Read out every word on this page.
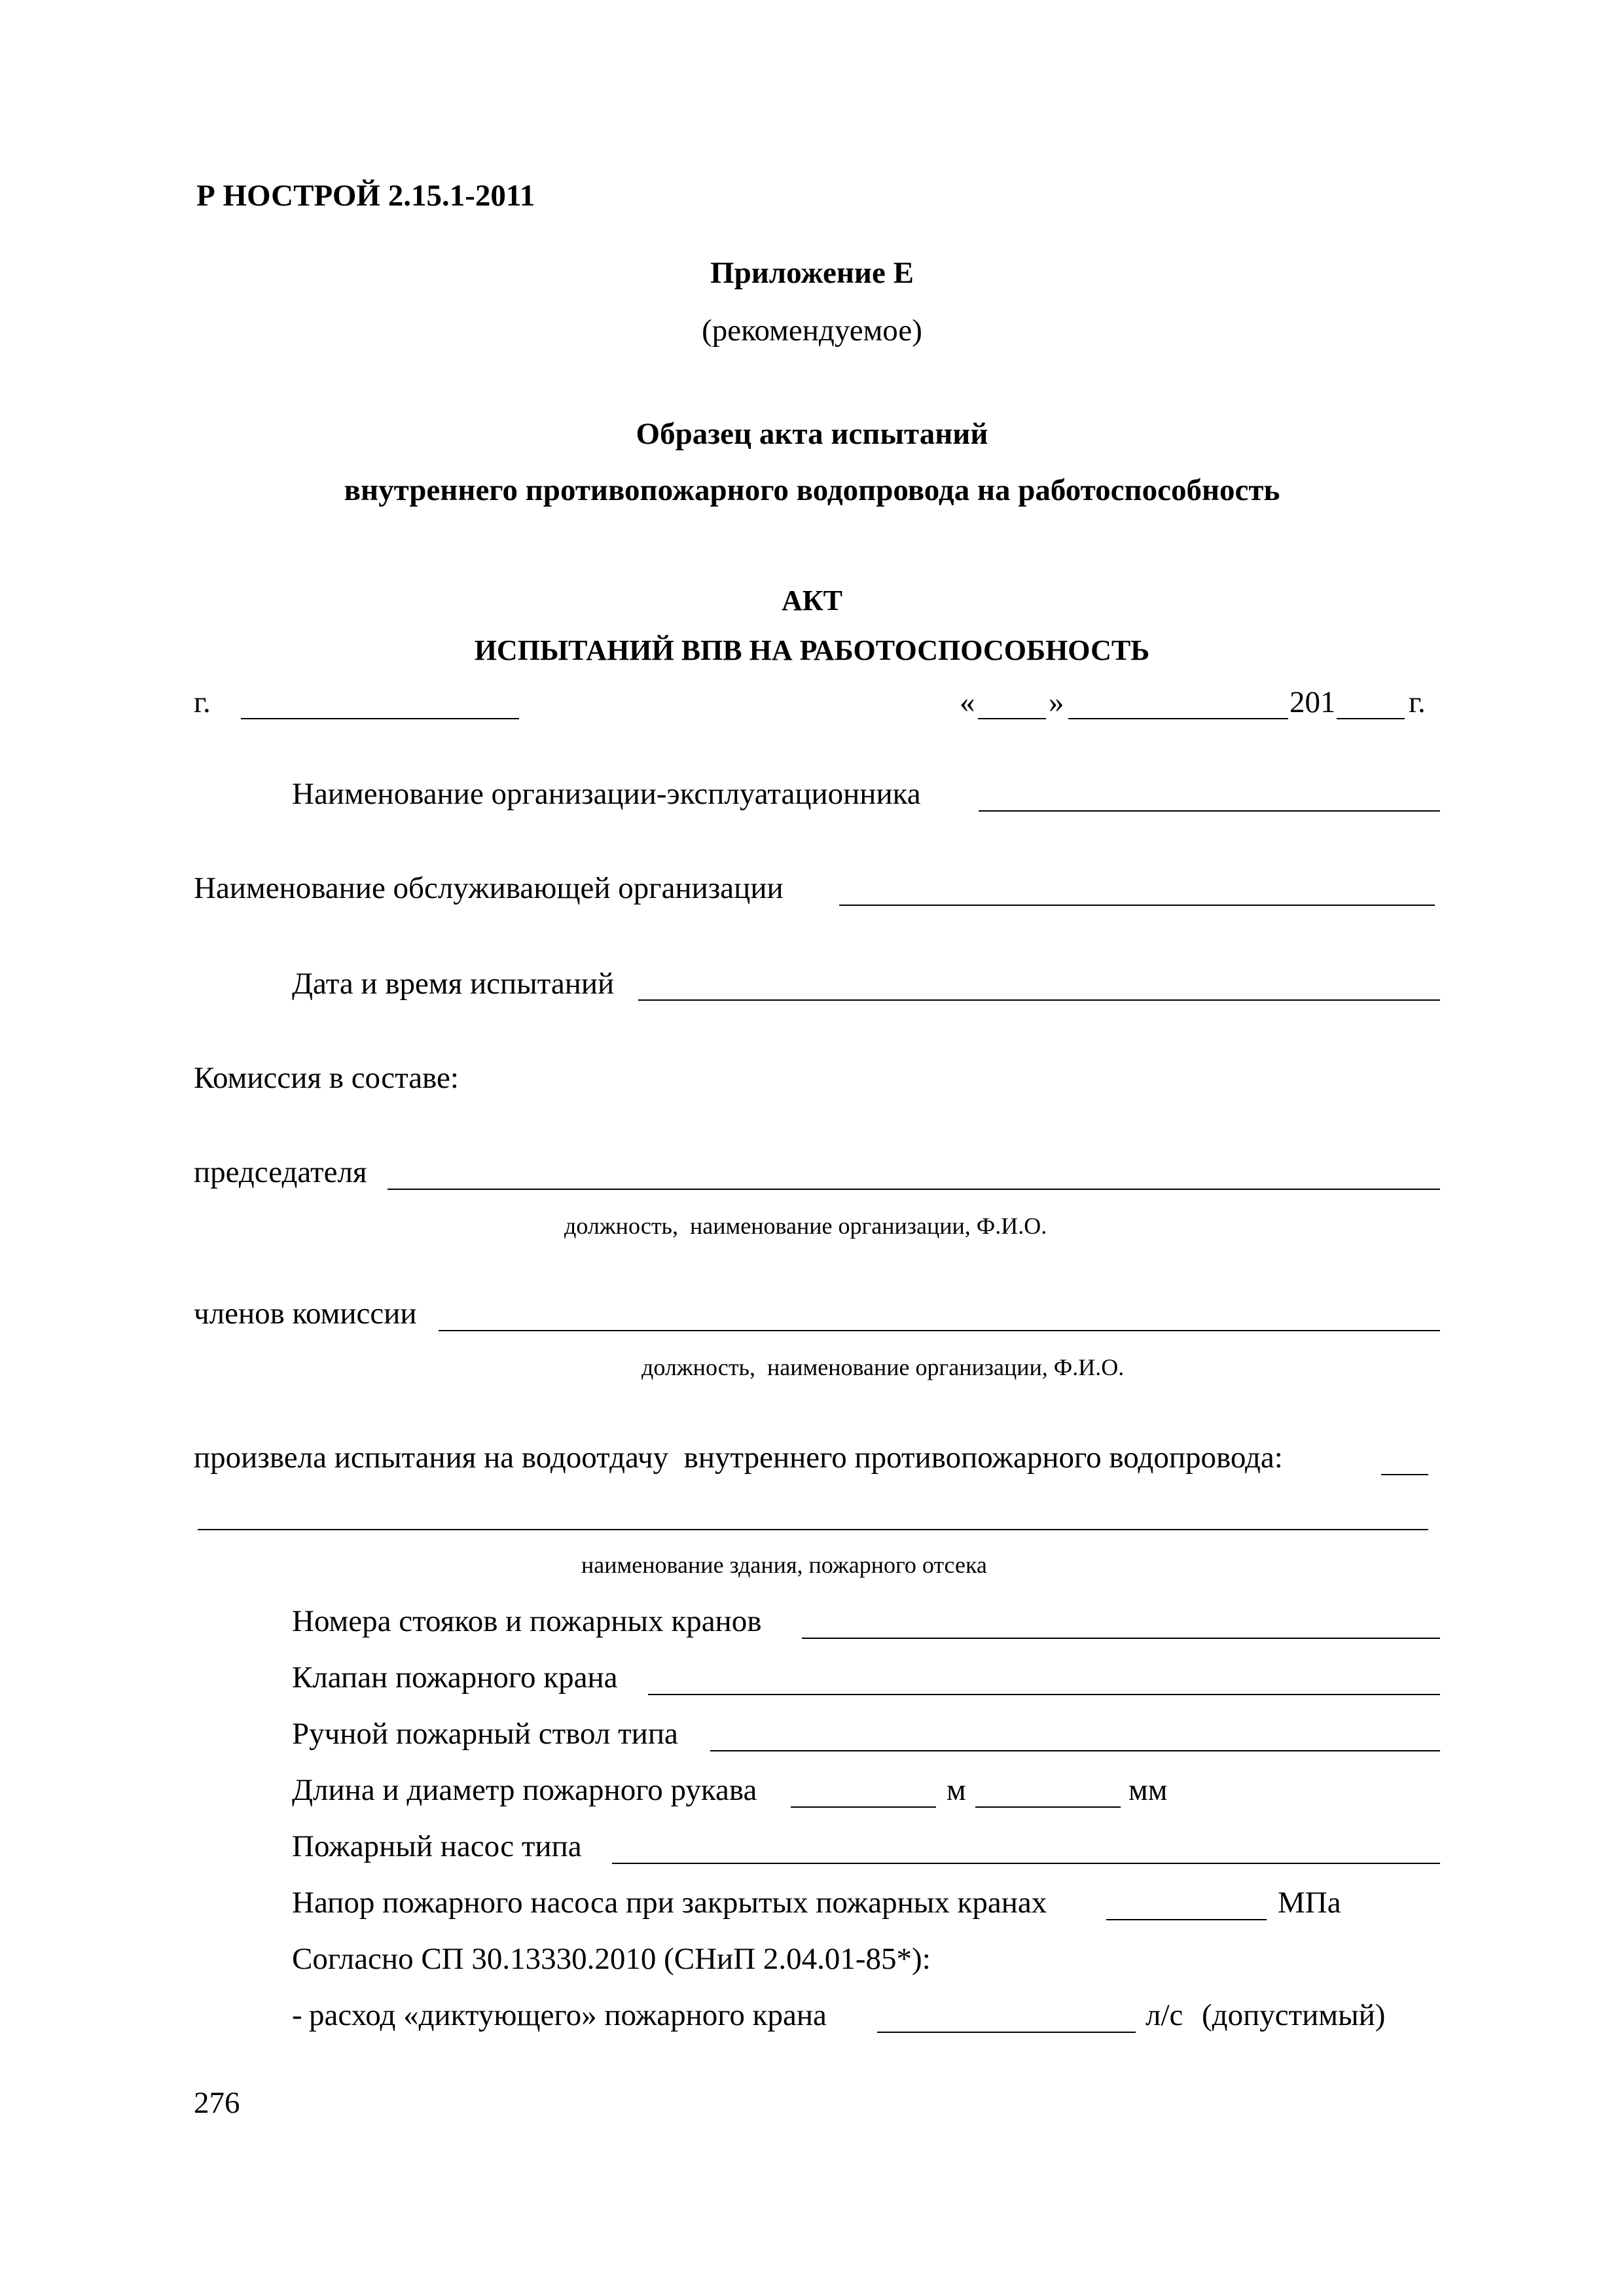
Р НОСТРОЙ 2.15.1-2011
Приложение Е
(рекомендуемое)
Образец акта испытаний
внутреннего противопожарного водопровода на работоспособность
АКТ
ИСПЫТАНИЙ ВПВ НА РАБОТОСПОСОБНОСТЬ
г.	« »	201 г.
Наименование организации-эксплуатационника
Наименование обслуживающей организации
Дата и время испытаний
Комиссия в составе:
председателя
должность,  наименование организации, Ф.И.О.
членов комиссии
должность,  наименование организации, Ф.И.О.
произвела испытания на водоотдачу  внутреннего противопожарного водопровода:
наименование здания, пожарного отсека
Номера стояков и пожарных кранов
Клапан пожарного крана
Ручной пожарный ствол типа
Длина и диаметр пожарного рукава	м	мм
Пожарный насос типа
Напор пожарного насоса при закрытых пожарных кранах	МПа
Согласно СП 30.13330.2010 (СНиП 2.04.01-85*):
- расход «диктующего» пожарного крана	л/с (допустимый)
276
